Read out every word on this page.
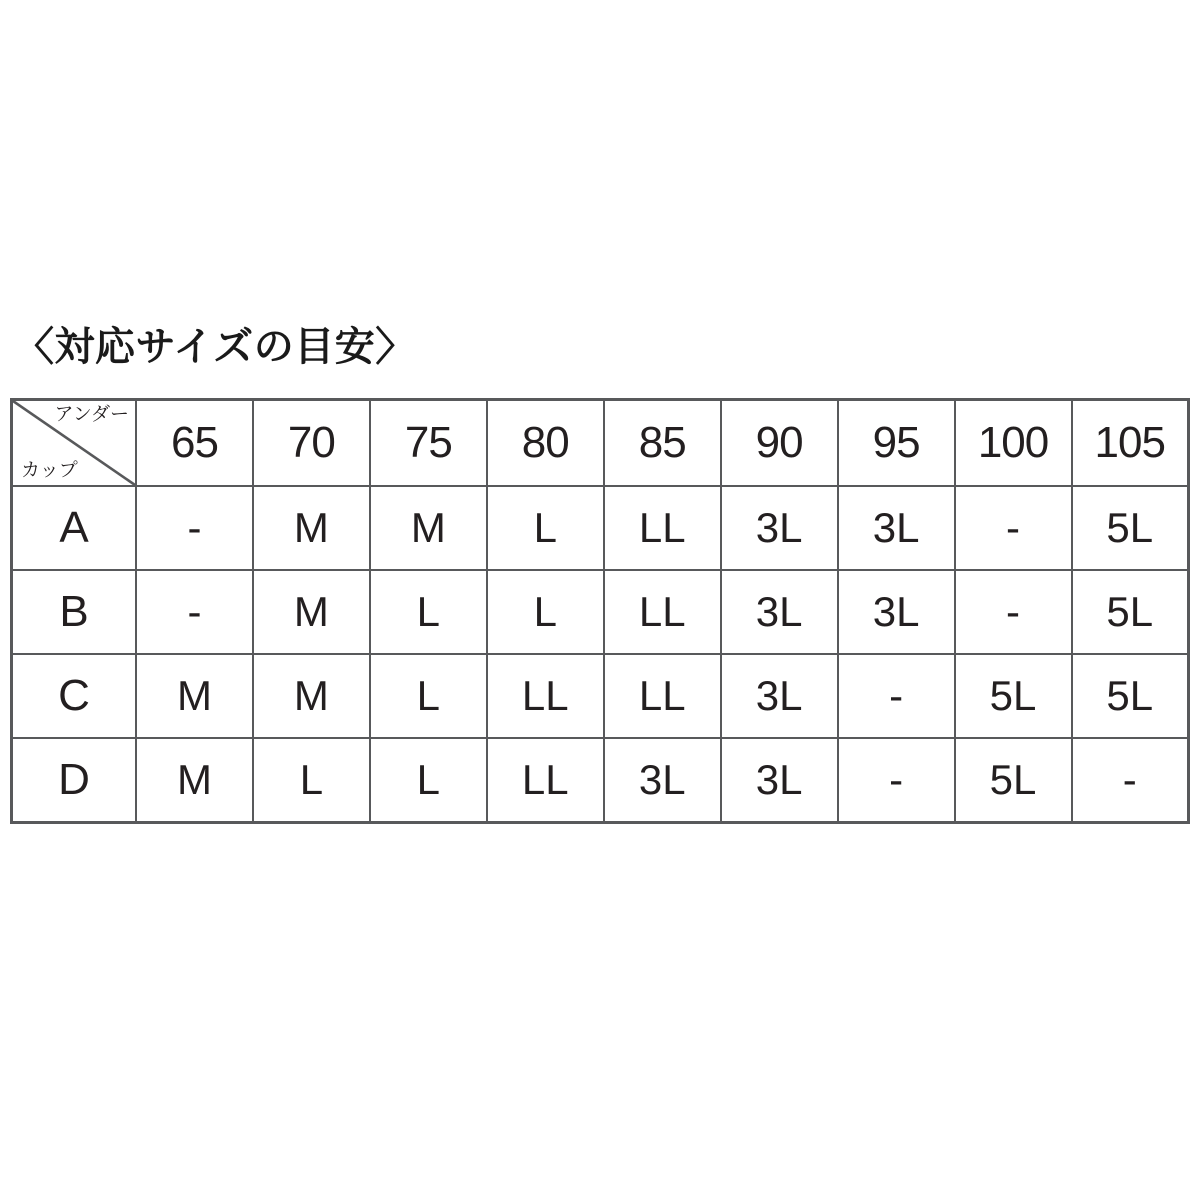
〈対応サイズの目安〉
アンダー
カップ	65	70	75	80	85	90	95	100	105
A	-	M	M	L	LL	3L	3L	-	5L
B	-	M	L	L	LL	3L	3L	-	5L
C	M	M	L	LL	LL	3L	-	5L	5L
D	M	L	L	LL	3L	3L	-	5L	-
